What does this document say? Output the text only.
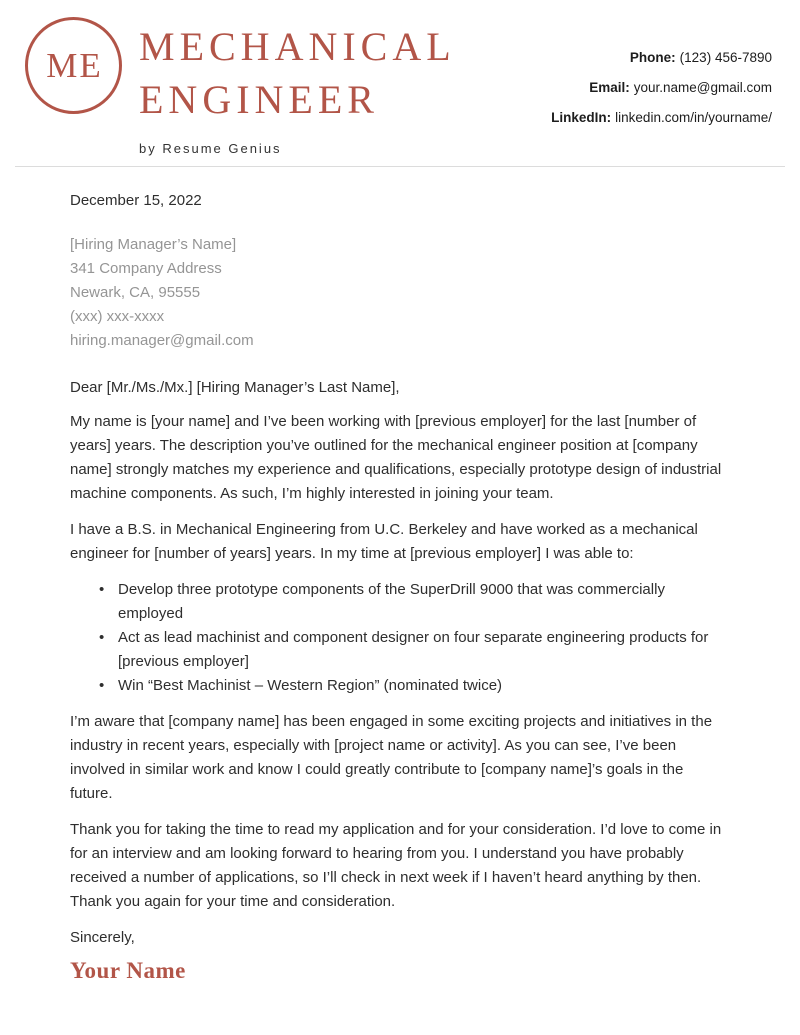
ME MECHANICAL
ENGINEER
by Resume Genius
Phone: (123) 456-7890
Email: your.name@gmail.com
LinkedIn: linkedin.com/in/yourname/

December 15, 2022

[Hiring Manager’s Name]
341 Company Address
Newark, CA, 95555
(xxx) xxx-xxxx
hiring.manager@gmail.com

Dear [Mr./Ms./Mx.] [Hiring Manager’s Last Name],

My name is [your name] and I’ve been working with [previous employer] for the last [number of years] years. The description you’ve outlined for the mechanical engineer position at [company name] strongly matches my experience and qualifications, especially prototype design of industrial machine components. As such, I’m highly interested in joining your team.

I have a B.S. in Mechanical Engineering from U.C. Berkeley and have worked as a mechanical engineer for [number of years] years. In my time at [previous employer] I was able to:

• Develop three prototype components of the SuperDrill 9000 that was commercially employed
• Act as lead machinist and component designer on four separate engineering products for [previous employer]
• Win “Best Machinist – Western Region” (nominated twice)

I’m aware that [company name] has been engaged in some exciting projects and initiatives in the industry in recent years, especially with [project name or activity]. As you can see, I’ve been involved in similar work and know I could greatly contribute to [company name]’s goals in the future.

Thank you for taking the time to read my application and for your consideration. I’d love to come in for an interview and am looking forward to hearing from you. I understand you have probably received a number of applications, so I’ll check in next week if I haven’t heard anything by then. Thank you again for your time and consideration.

Sincerely,

Your Name
